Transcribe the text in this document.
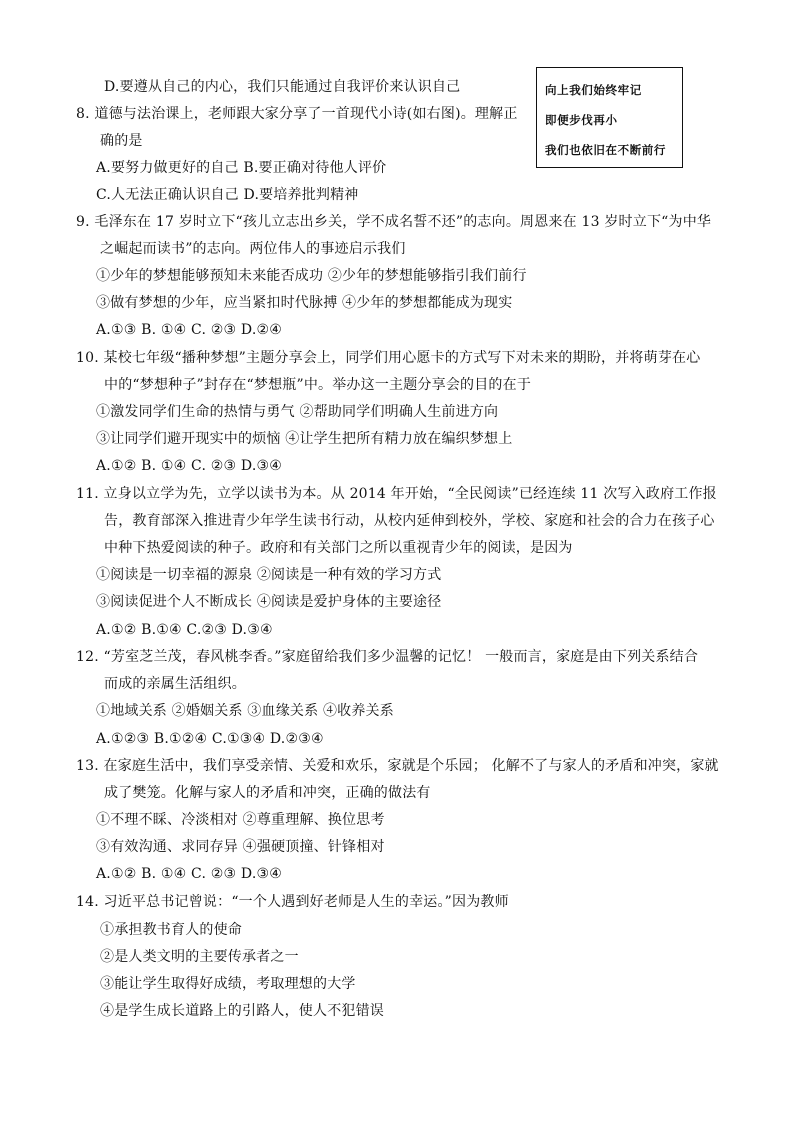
向上我们始终牢记
即便步伐再小
我们也依旧在不断前行
D.要遵从自己的内心，我们只能通过自我评价来认识自己
8. 道德与法治课上，老师跟大家分享了一首现代小诗(如右图)。理解正
确的是
A.要努力做更好的自己 B.要正确对待他人评价
C.人无法正确认识自己 D.要培养批判精神
9. 毛泽东在 17 岁时立下“孩儿立志出乡关，学不成名誓不还”的志向。周恩来在 13 岁时立下“为中华
之崛起而读书”的志向。两位伟人的事迹启示我们
①少年的梦想能够预知未来能否成功 ②少年的梦想能够指引我们前行
③做有梦想的少年，应当紧扣时代脉搏 ④少年的梦想都能成为现实
A.①③ B. ①④ C. ②③ D.②④
10. 某校七年级“播种梦想”主题分享会上，同学们用心愿卡的方式写下对未来的期盼，并将萌芽在心
中的“梦想种子”封存在“梦想瓶”中。举办这一主题分享会的目的在于
①激发同学们生命的热情与勇气 ②帮助同学们明确人生前进方向
③让同学们避开现实中的烦恼 ④让学生把所有精力放在编织梦想上
A.①② B. ①④ C. ②③ D.③④
11. 立身以立学为先，立学以读书为本。从 2014 年开始，“全民阅读”已经连续 11 次写入政府工作报
告，教育部深入推进青少年学生读书行动，从校内延伸到校外，学校、家庭和社会的合力在孩子心
中种下热爱阅读的种子。政府和有关部门之所以重视青少年的阅读，是因为
①阅读是一切幸福的源泉 ②阅读是一种有效的学习方式
③阅读促进个人不断成长 ④阅读是爱护身体的主要途径
A.①② B.①④ C.②③ D.③④
12. “芳室芝兰茂，春风桃李香。”家庭留给我们多少温馨的记忆！ 一般而言，家庭是由下列关系结合
而成的亲属生活组织。
①地域关系 ②婚姻关系 ③血缘关系 ④收养关系
A.①②③ B.①②④ C.①③④ D.②③④
13. 在家庭生活中，我们享受亲情、关爱和欢乐，家就是个乐园； 化解不了与家人的矛盾和冲突，家就
成了樊笼。化解与家人的矛盾和冲突，正确的做法有
①不理不睬、冷淡相对 ②尊重理解、换位思考
③有效沟通、求同存异 ④强硬顶撞、针锋相对
A.①② B. ①④ C. ②③ D.③④
14. 习近平总书记曾说：“一个人遇到好老师是人生的幸运。”因为教师
①承担教书育人的使命
②是人类文明的主要传承者之一
③能让学生取得好成绩，考取理想的大学
④是学生成长道路上的引路人，使人不犯错误
